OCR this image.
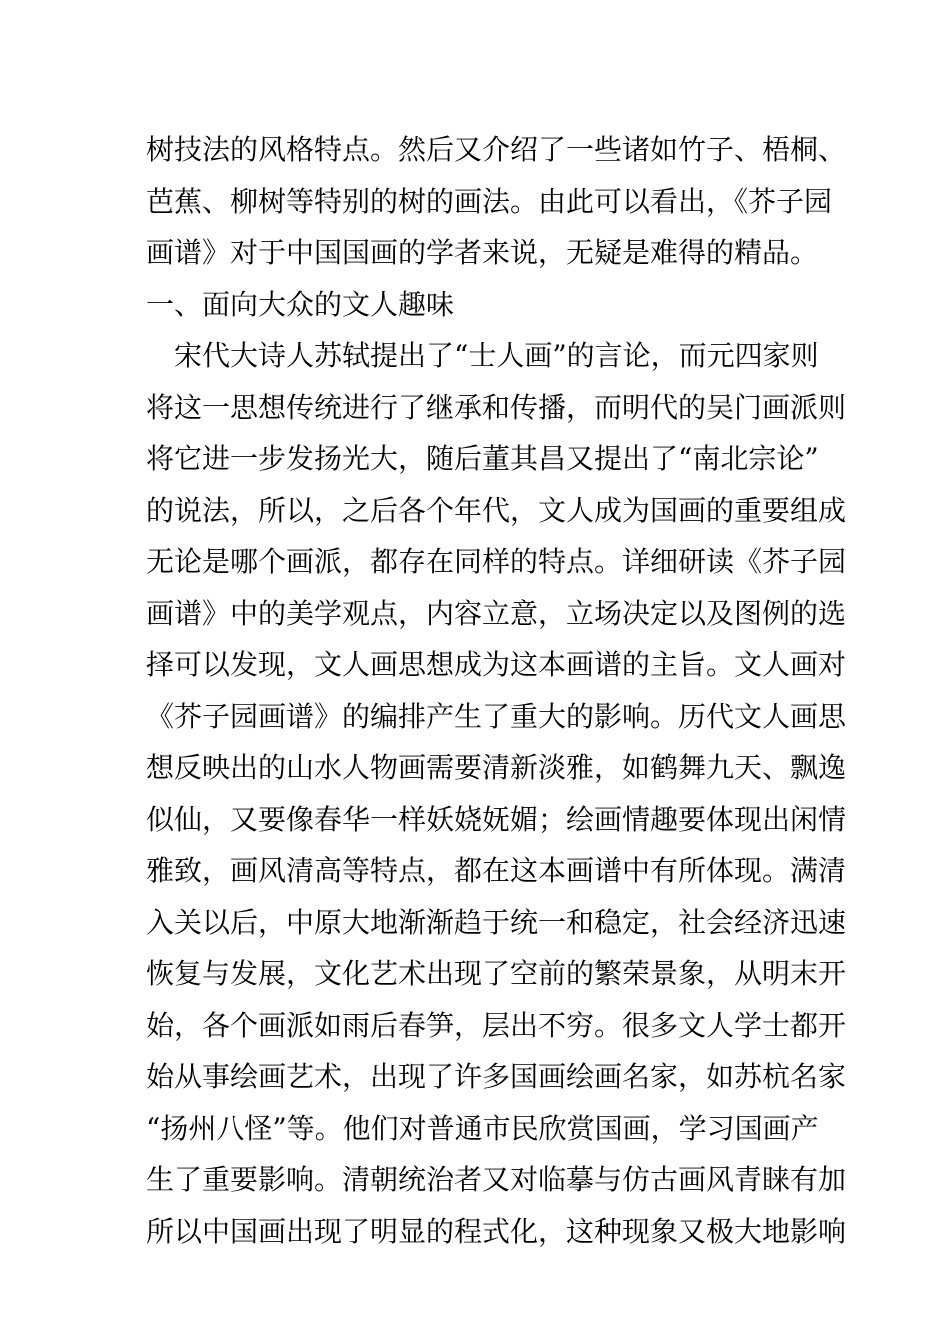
树技法的风格特点。然后又介绍了一些诸如竹子、梧桐、
芭蕉、柳树等特别的树的画法。由此可以看出，《芥子园
画谱》对于中国国画的学者来说，无疑是难得的精品。
一、面向大众的文人趣味
宋代大诗人苏轼提出了“士人画”的言论，而元四家则
将这一思想传统进行了继承和传播，而明代的吴门画派则
将它进一步发扬光大，随后董其昌又提出了“南北宗论”
的说法，所以，之后各个年代，文人成为国画的重要组成
无论是哪个画派，都存在同样的特点。详细研读《芥子园
画谱》中的美学观点，内容立意，立场决定以及图例的选
择可以发现，文人画思想成为这本画谱的主旨。文人画对
《芥子园画谱》的编排产生了重大的影响。历代文人画思
想反映出的山水人物画需要清新淡雅，如鹤舞九天、飘逸
似仙，又要像春华一样妖娆妩媚；绘画情趣要体现出闲情
雅致，画风清高等特点，都在这本画谱中有所体现。满清
入关以后，中原大地渐渐趋于统一和稳定，社会经济迅速
恢复与发展，文化艺术出现了空前的繁荣景象，从明末开
始，各个画派如雨后春笋，层出不穷。很多文人学士都开
始从事绘画艺术，出现了许多国画绘画名家，如苏杭名家
“扬州八怪”等。他们对普通市民欣赏国画，学习国画产
生了重要影响。清朝统治者又对临摹与仿古画风青睐有加
所以中国画出现了明显的程式化，这种现象又极大地影响
